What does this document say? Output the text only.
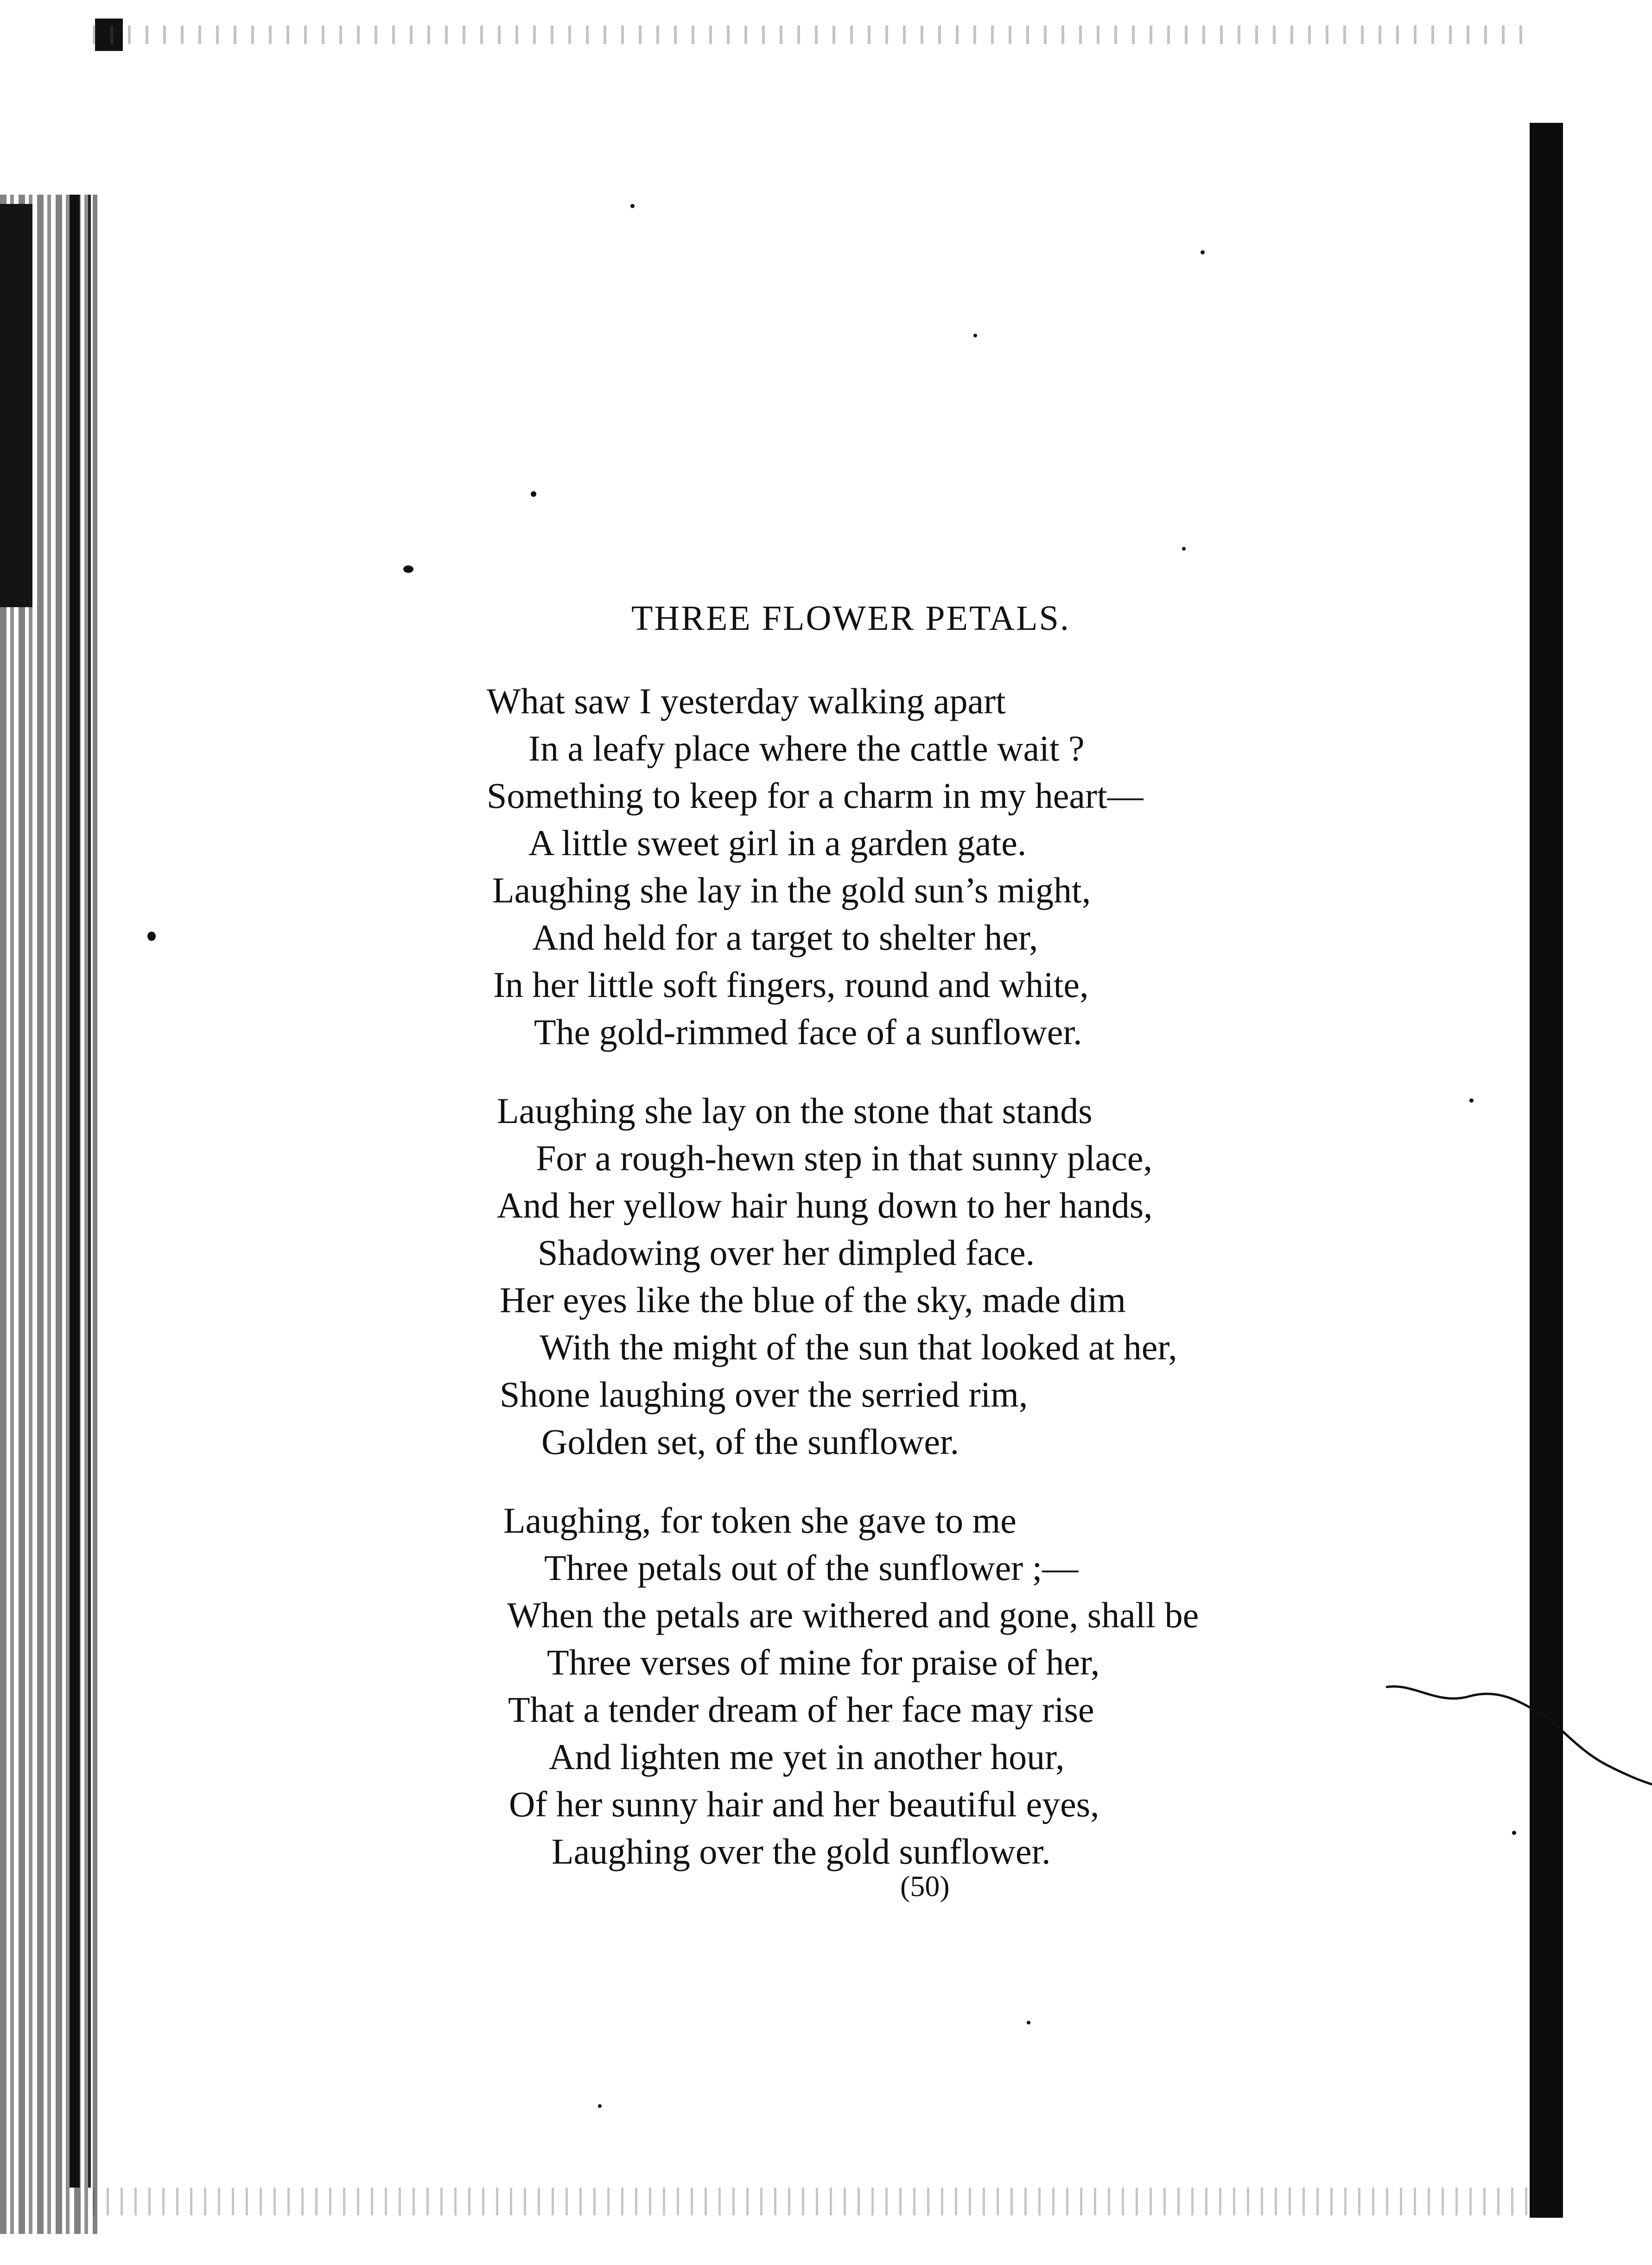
THREE FLOWER PETALS.
What saw I yesterday walking apart
In a leafy place where the cattle wait ?
Something to keep for a charm in my heart—
A little sweet girl in a garden gate.
Laughing she lay in the gold sun’s might,
And held for a target to shelter her,
In her little soft fingers, round and white,
The gold-rimmed face of a sunflower.
Laughing she lay on the stone that stands
For a rough-hewn step in that sunny place,
And her yellow hair hung down to her hands,
Shadowing over her dimpled face.
Her eyes like the blue of the sky, made dim
With the might of the sun that looked at her,
Shone laughing over the serried rim,
Golden set, of the sunflower.
Laughing, for token she gave to me
Three petals out of the sunflower ;—
When the petals are withered and gone, shall be
Three verses of mine for praise of her,
That a tender dream of her face may rise
And lighten me yet in another hour,
Of her sunny hair and her beautiful eyes,
Laughing over the gold sunflower.
(50)
